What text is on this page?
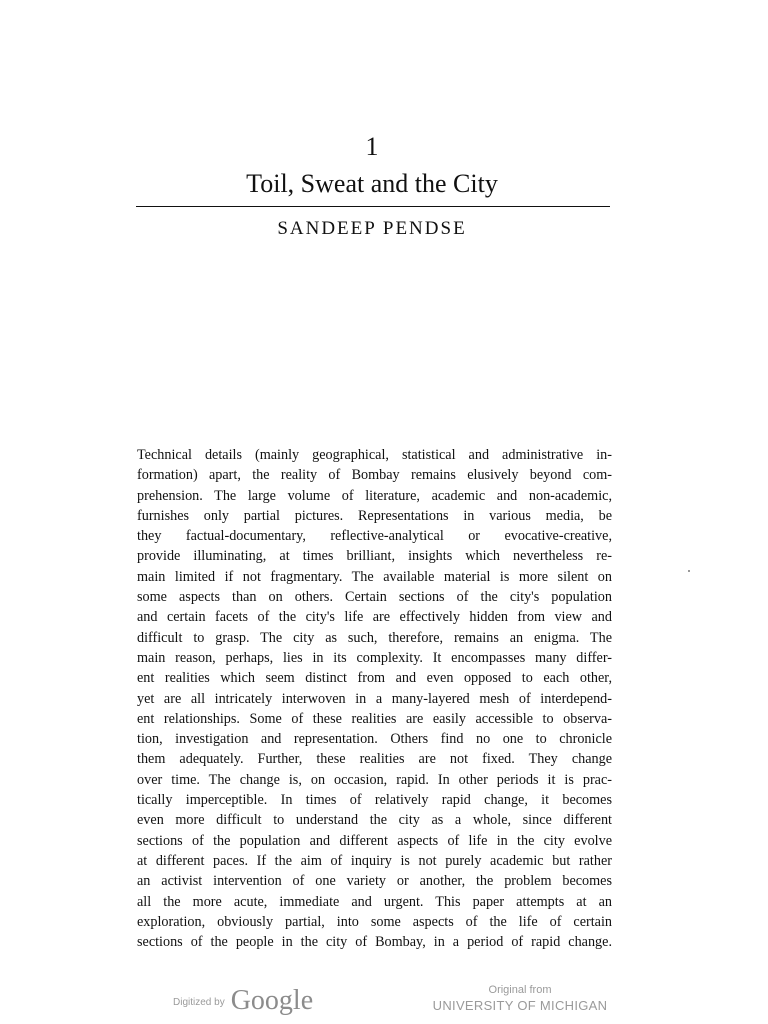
1
Toil, Sweat and the City
SANDEEP PENDSE
Technical details (mainly geographical, statistical and administrative in-
formation) apart, the reality of Bombay remains elusively beyond com-
prehension. The large volume of literature, academic and non-academic,
furnishes only partial pictures. Representations in various media, be
they factual-documentary, reflective-analytical or evocative-creative,
provide illuminating, at times brilliant, insights which nevertheless re-
main limited if not fragmentary. The available material is more silent on
some aspects than on others. Certain sections of the city's population
and certain facets of the city's life are effectively hidden from view and
difficult to grasp. The city as such, therefore, remains an enigma. The
main reason, perhaps, lies in its complexity. It encompasses many differ-
ent realities which seem distinct from and even opposed to each other,
yet are all intricately interwoven in a many-layered mesh of interdepend-
ent relationships. Some of these realities are easily accessible to observa-
tion, investigation and representation. Others find no one to chronicle
them adequately. Further, these realities are not fixed. They change
over time. The change is, on occasion, rapid. In other periods it is prac-
tically imperceptible. In times of relatively rapid change, it becomes
even more difficult to understand the city as a whole, since different
sections of the population and different aspects of life in the city evolve
at different paces. If the aim of inquiry is not purely academic but rather
an activist intervention of one variety or another, the problem becomes
all the more acute, immediate and urgent. This paper attempts at an
exploration, obviously partial, into some aspects of the life of certain
sections of the people in the city of Bombay, in a period of rapid change.
Digitized by Google	Original from
UNIVERSITY OF MICHIGAN
